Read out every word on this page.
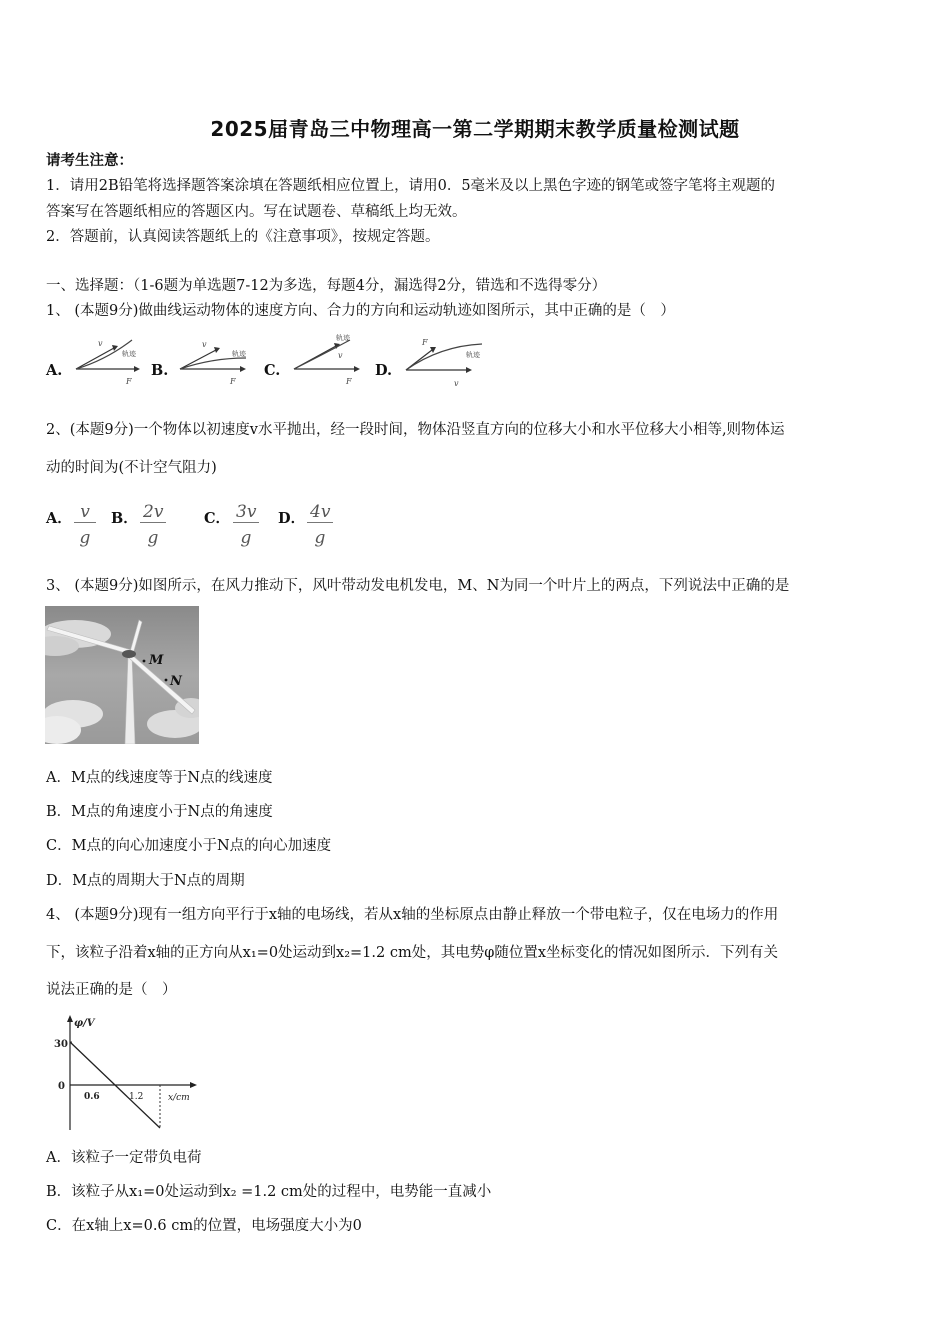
2025届青岛三中物理高一第二学期期末教学质量检测试题
请考生注意：
1．请用2B铅笔将选择题答案涂填在答题纸相应位置上，请用0．5毫米及以上黑色字迹的钢笔或签字笔将主观题的
答案写在答题纸相应的答题区内。写在试题卷、草稿纸上均无效。
2．答题前，认真阅读答题纸上的《注意事项》，按规定答题。
一、选择题：（1-6题为单选题7-12为多选，每题4分，漏选得2分，错选和不选得零分）
1、 (本题9分)做曲线运动物体的速度方向、合力的方向和运动轨迹如图所示，其中正确的是（　）
A.
v
轨迹
F
B.
v
轨迹
F
C.
轨迹
v
F
D.
F
轨迹
v
2、(本题9分)一个物体以初速度v水平抛出，经一段时间，物体沿竖直方向的位移大小和水平位移大小相等,则物体运
动的时间为(不计空气阻力)
A． $\frac{v}{g}$ B． $\frac{2v}{g}$	C． $\frac{3v}{g}$ D． $\frac{4v}{g}$
3、 (本题9分)如图所示，在风力推动下，风叶带动发电机发电，M、N为同一个叶片上的两点，下列说法中正确的是
M
N
A．M点的线速度等于N点的线速度
B．M点的角速度小于N点的角速度
C．M点的向心加速度小于N点的向心加速度
D．M点的周期大于N点的周期
4、 (本题9分)现有一组方向平行于x轴的电场线，若从x轴的坐标原点由静止释放一个带电粒子，仅在电场力的作用
下，该粒子沿着x轴的正方向从x₁=0处运动到x₂=1.2 cm处，其电势φ随位置x坐标变化的情况如图所示．下列有关
说法正确的是（　）
φ/V
x/cm
30
0
0.6	1.2
A．该粒子一定带负电荷
B．该粒子从x₁=0处运动到x₂ =1.2 cm处的过程中，电势能一直减小
C．在x轴上x=0.6 cm的位置，电场强度大小为0
